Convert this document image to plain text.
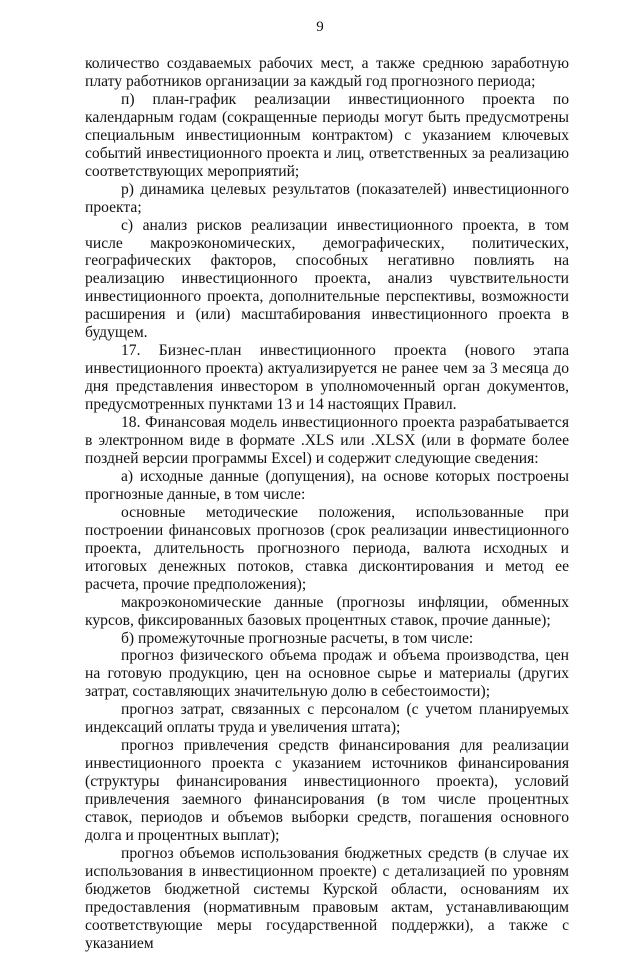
9

количество создаваемых рабочих мест, а также среднюю заработную плату работников организации за каждый год прогнозного периода;

п) план-график реализации инвестиционного проекта по календарным годам (сокращенные периоды могут быть предусмотрены специальным инвестиционным контрактом) с указанием ключевых событий инвестиционного проекта и лиц, ответственных за реализацию соответствующих мероприятий;

р) динамика целевых результатов (показателей) инвестиционного проекта;

с) анализ рисков реализации инвестиционного проекта, в том числе макроэкономических, демографических, политических, географических факторов, способных негативно повлиять на реализацию инвестиционного проекта, анализ чувствительности инвестиционного проекта, дополнительные перспективы, возможности расширения и (или) масштабирования инвестиционного проекта в будущем.

17. Бизнес-план инвестиционного проекта (нового этапа инвестиционного проекта) актуализируется не ранее чем за 3 месяца до дня представления инвестором в уполномоченный орган документов, предусмотренных пунктами 13 и 14 настоящих Правил.

18. Финансовая модель инвестиционного проекта разрабатывается в электронном виде в формате .XLS или .XLSX (или в формате более поздней версии программы Excel) и содержит следующие сведения:

а) исходные данные (допущения), на основе которых построены прогнозные данные, в том числе:

основные методические положения, использованные при построении финансовых прогнозов (срок реализации инвестиционного проекта, длительность прогнозного периода, валюта исходных и итоговых денежных потоков, ставка дисконтирования и метод ее расчета, прочие предположения);

макроэкономические данные (прогнозы инфляции, обменных курсов, фиксированных базовых процентных ставок, прочие данные);

б) промежуточные прогнозные расчеты, в том числе:

прогноз физического объема продаж и объема производства, цен на готовую продукцию, цен на основное сырье и материалы (других затрат, составляющих значительную долю в себестоимости);

прогноз затрат, связанных с персоналом (с учетом планируемых индексаций оплаты труда и увеличения штата);

прогноз привлечения средств финансирования для реализации инвестиционного проекта с указанием источников финансирования (структуры финансирования инвестиционного проекта), условий привлечения заемного финансирования (в том числе процентных ставок, периодов и объемов выборки средств, погашения основного долга и процентных выплат);

прогноз объемов использования бюджетных средств (в случае их использования в инвестиционном проекте) с детализацией по уровням бюджетов бюджетной системы Курской области, основаниям их предоставления (нормативным правовым актам, устанавливающим соответствующие меры государственной поддержки), а также с указанием
